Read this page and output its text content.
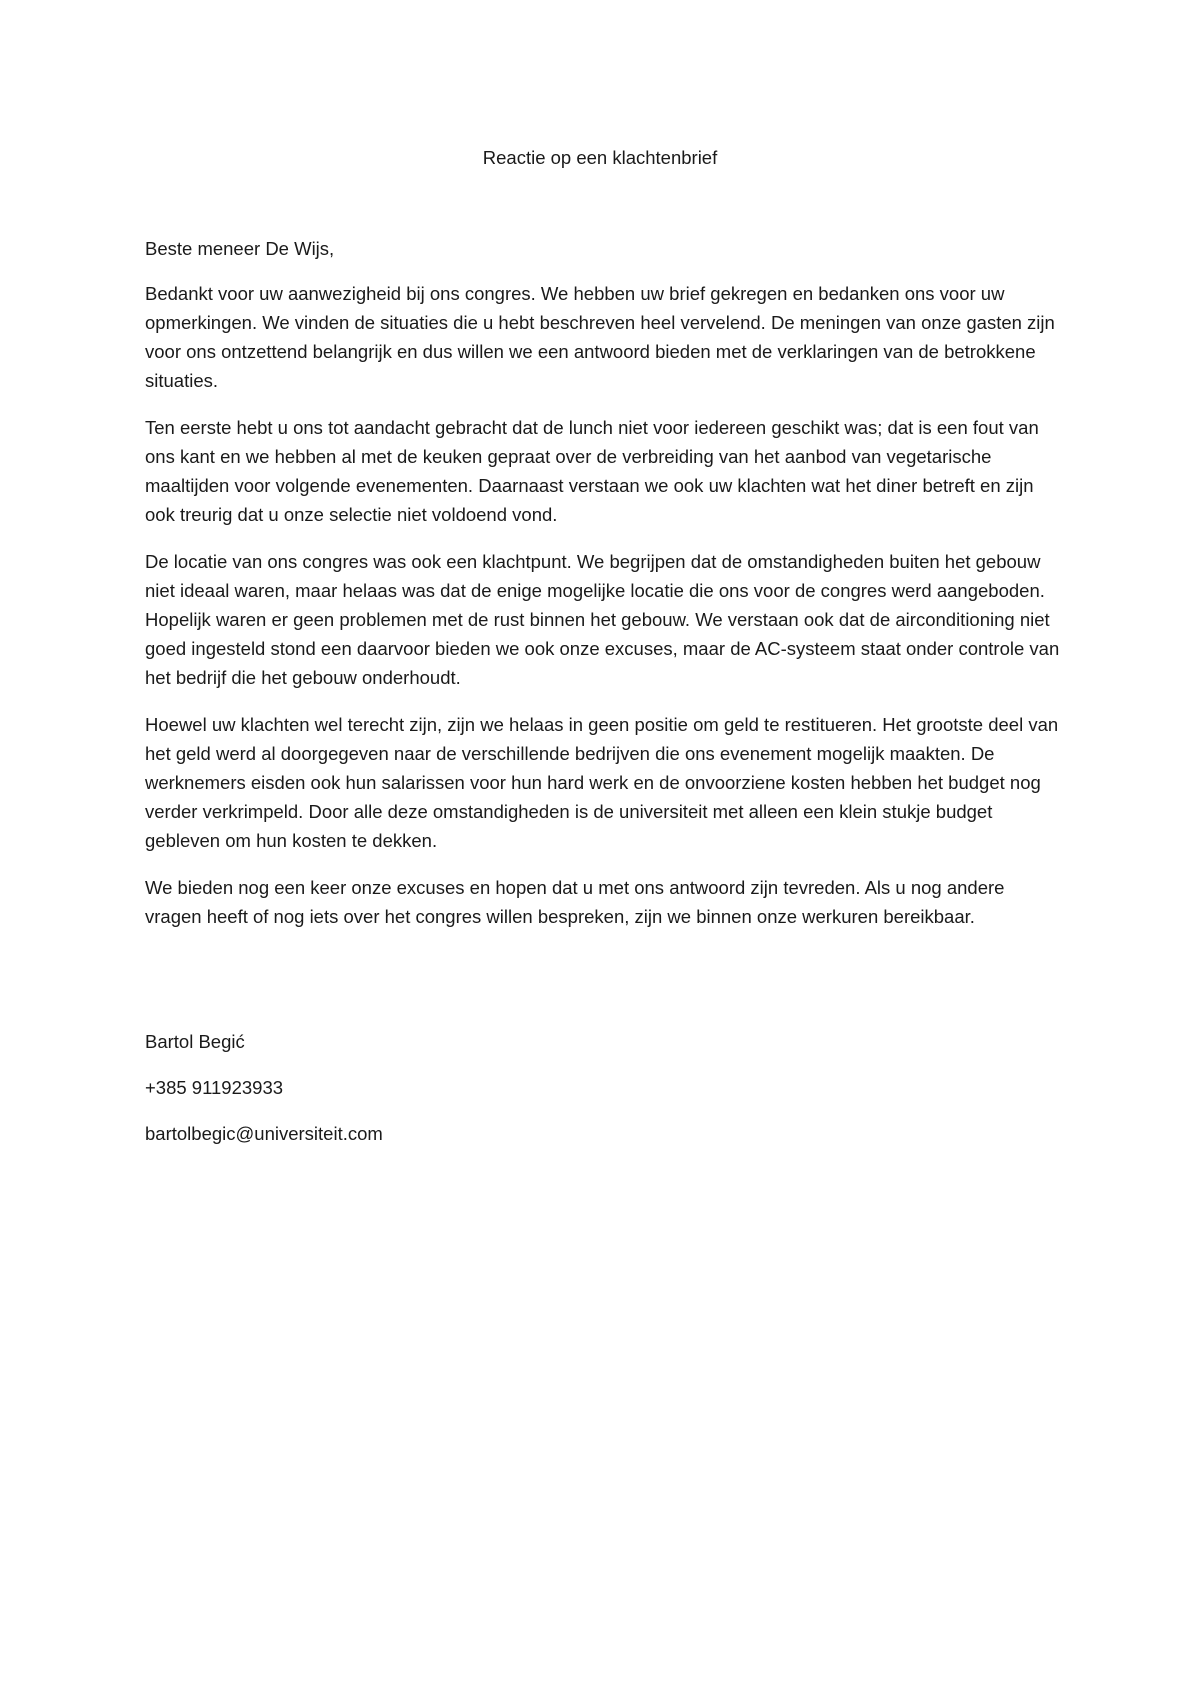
Reactie op een klachtenbrief

Beste meneer De Wijs,

Bedankt voor uw aanwezigheid bij ons congres. We hebben uw brief gekregen en bedanken ons voor uw opmerkingen. We vinden de situaties die u hebt beschreven heel vervelend. De meningen van onze gasten zijn voor ons ontzettend belangrijk en dus willen we een antwoord bieden met de verklaringen van de betrokkene situaties.

Ten eerste hebt u ons tot aandacht gebracht dat de lunch niet voor iedereen geschikt was; dat is een fout van ons kant en we hebben al met de keuken gepraat over de verbreiding van het aanbod van vegetarische maaltijden voor volgende evenementen. Daarnaast verstaan we ook uw klachten wat het diner betreft en zijn ook treurig dat u onze selectie niet voldoend vond.

De locatie van ons congres was ook een klachtpunt. We begrijpen dat de omstandigheden buiten het gebouw niet ideaal waren, maar helaas was dat de enige mogelijke locatie die ons voor de congres werd aangeboden. Hopelijk waren er geen problemen met de rust binnen het gebouw. We verstaan ook dat de airconditioning niet goed ingesteld stond een daarvoor bieden we ook onze excuses, maar de AC-systeem staat onder controle van het bedrijf die het gebouw onderhoudt.

Hoewel uw klachten wel terecht zijn, zijn we helaas in geen positie om geld te restitueren. Het grootste deel van het geld werd al doorgegeven naar de verschillende bedrijven die ons evenement mogelijk maakten. De werknemers eisden ook hun salarissen voor hun hard werk en de onvoorziene kosten hebben het budget nog verder verkrimpeld. Door alle deze omstandigheden is de universiteit met alleen een klein stukje budget gebleven om hun kosten te dekken.

We bieden nog een keer onze excuses en hopen dat u met ons antwoord zijn tevreden. Als u nog andere vragen heeft of nog iets over het congres willen bespreken, zijn we binnen onze werkuren bereikbaar.

Bartol Begić

+385 911923933

bartolbegic@universiteit.com
